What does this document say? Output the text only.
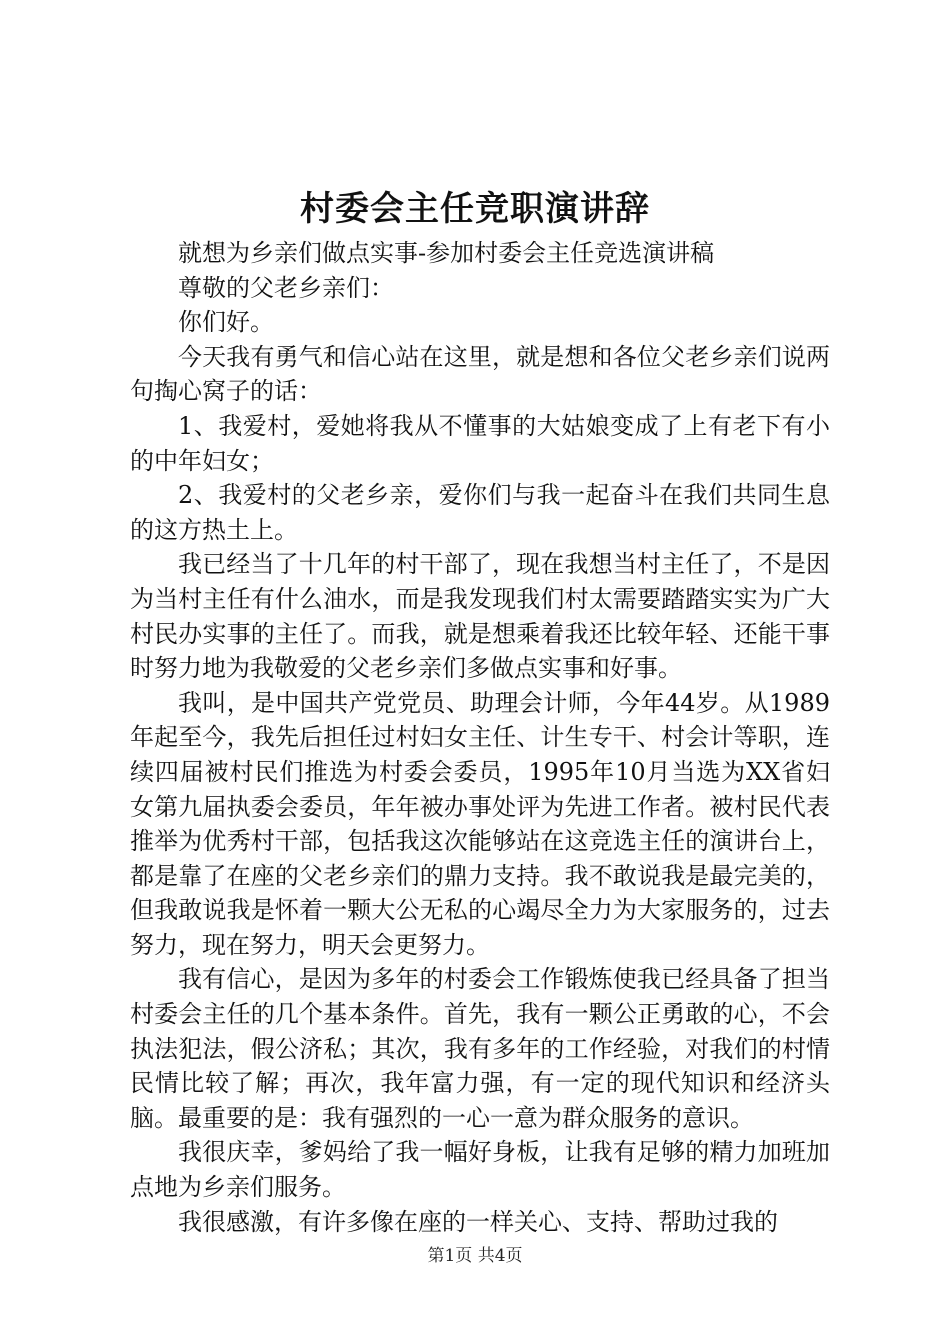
村委会主任竞职演讲辞

就想为乡亲们做点实事-参加村委会主任竞选演讲稿

尊敬的父老乡亲们：

你们好。

今天我有勇气和信心站在这里，就是想和各位父老乡亲们说两句掏心窝子的话：

1、我爱村，爱她将我从不懂事的大姑娘变成了上有老下有小的中年妇女；

2、我爱村的父老乡亲，爱你们与我一起奋斗在我们共同生息的这方热土上。

我已经当了十几年的村干部了，现在我想当村主任了，不是因为当村主任有什么油水，而是我发现我们村太需要踏踏实实为广大村民办实事的主任了。而我，就是想乘着我还比较年轻、还能干事时努力地为我敬爱的父老乡亲们多做点实事和好事。

我叫，是中国共产党党员、助理会计师，今年44岁。从1989年起至今，我先后担任过村妇女主任、计生专干、村会计等职，连续四届被村民们推选为村委会委员，1995年10月当选为XX省妇女第九届执委会委员，年年被办事处评为先进工作者。被村民代表推举为优秀村干部，包括我这次能够站在这竞选主任的演讲台上，都是靠了在座的父老乡亲们的鼎力支持。我不敢说我是最完美的，但我敢说我是怀着一颗大公无私的心竭尽全力为大家服务的，过去努力，现在努力，明天会更努力。

我有信心，是因为多年的村委会工作锻炼使我已经具备了担当村委会主任的几个基本条件。首先，我有一颗公正勇敢的心，不会执法犯法，假公济私；其次，我有多年的工作经验，对我们的村情民情比较了解；再次，我年富力强，有一定的现代知识和经济头脑。最重要的是：我有强烈的一心一意为群众服务的意识。

我很庆幸，爹妈给了我一幅好身板，让我有足够的精力加班加点地为乡亲们服务。

我很感激，有许多像在座的一样关心、支持、帮助过我的

第1页 共4页
